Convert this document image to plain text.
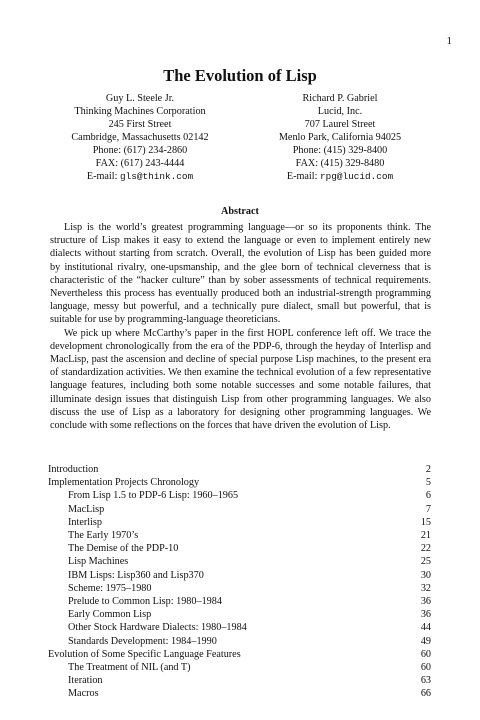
1
The Evolution of Lisp
Guy L. Steele Jr.
Thinking Machines Corporation
245 First Street
Cambridge, Massachusetts 02142
Phone: (617) 234-2860
FAX: (617) 243-4444
E-mail: gls@think.com
Richard P. Gabriel
Lucid, Inc.
707 Laurel Street
Menlo Park, California 94025
Phone: (415) 329-8400
FAX: (415) 329-8480
E-mail: rpg@lucid.com
Abstract

Lisp is the world’s greatest programming language—or so its proponents think. The structure of Lisp makes it easy to extend the language or even to implement entirely new dialects without starting from scratch. Overall, the evolution of Lisp has been guided more by institutional rivalry, one-upsmanship, and the glee born of technical cleverness that is characteristic of the “hacker culture” than by sober assessments of technical requirements. Nevertheless this process has eventually produced both an industrial-strength programming language, messy but powerful, and a technically pure dialect, small but powerful, that is suitable for use by programming-language theoreticians.

We pick up where McCarthy’s paper in the first HOPL conference left off. We trace the development chronologically from the era of the PDP-6, through the heyday of Interlisp and MacLisp, past the ascension and decline of special purpose Lisp machines, to the present era of standardization activities. We then examine the technical evolution of a few representative language features, including both some notable successes and some notable failures, that illuminate design issues that distinguish Lisp from other programming languages. We also discuss the use of Lisp as a laboratory for designing other programming languages. We conclude with some reflections on the forces that have driven the evolution of Lisp.

Introduction	2
Implementation Projects Chronology	5
From Lisp 1.5 to PDP-6 Lisp: 1960–1965	6
MacLisp	7
Interlisp	15
The Early 1970’s	21
The Demise of the PDP-10	22
Lisp Machines	25
IBM Lisps: Lisp360 and Lisp370	30
Scheme: 1975–1980	32
Prelude to Common Lisp: 1980–1984	36
Early Common Lisp	36
Other Stock Hardware Dialects: 1980–1984	44
Standards Development: 1984–1990	49
Evolution of Some Specific Language Features	60
The Treatment of NIL (and T)	60
Iteration	63
Macros	66
